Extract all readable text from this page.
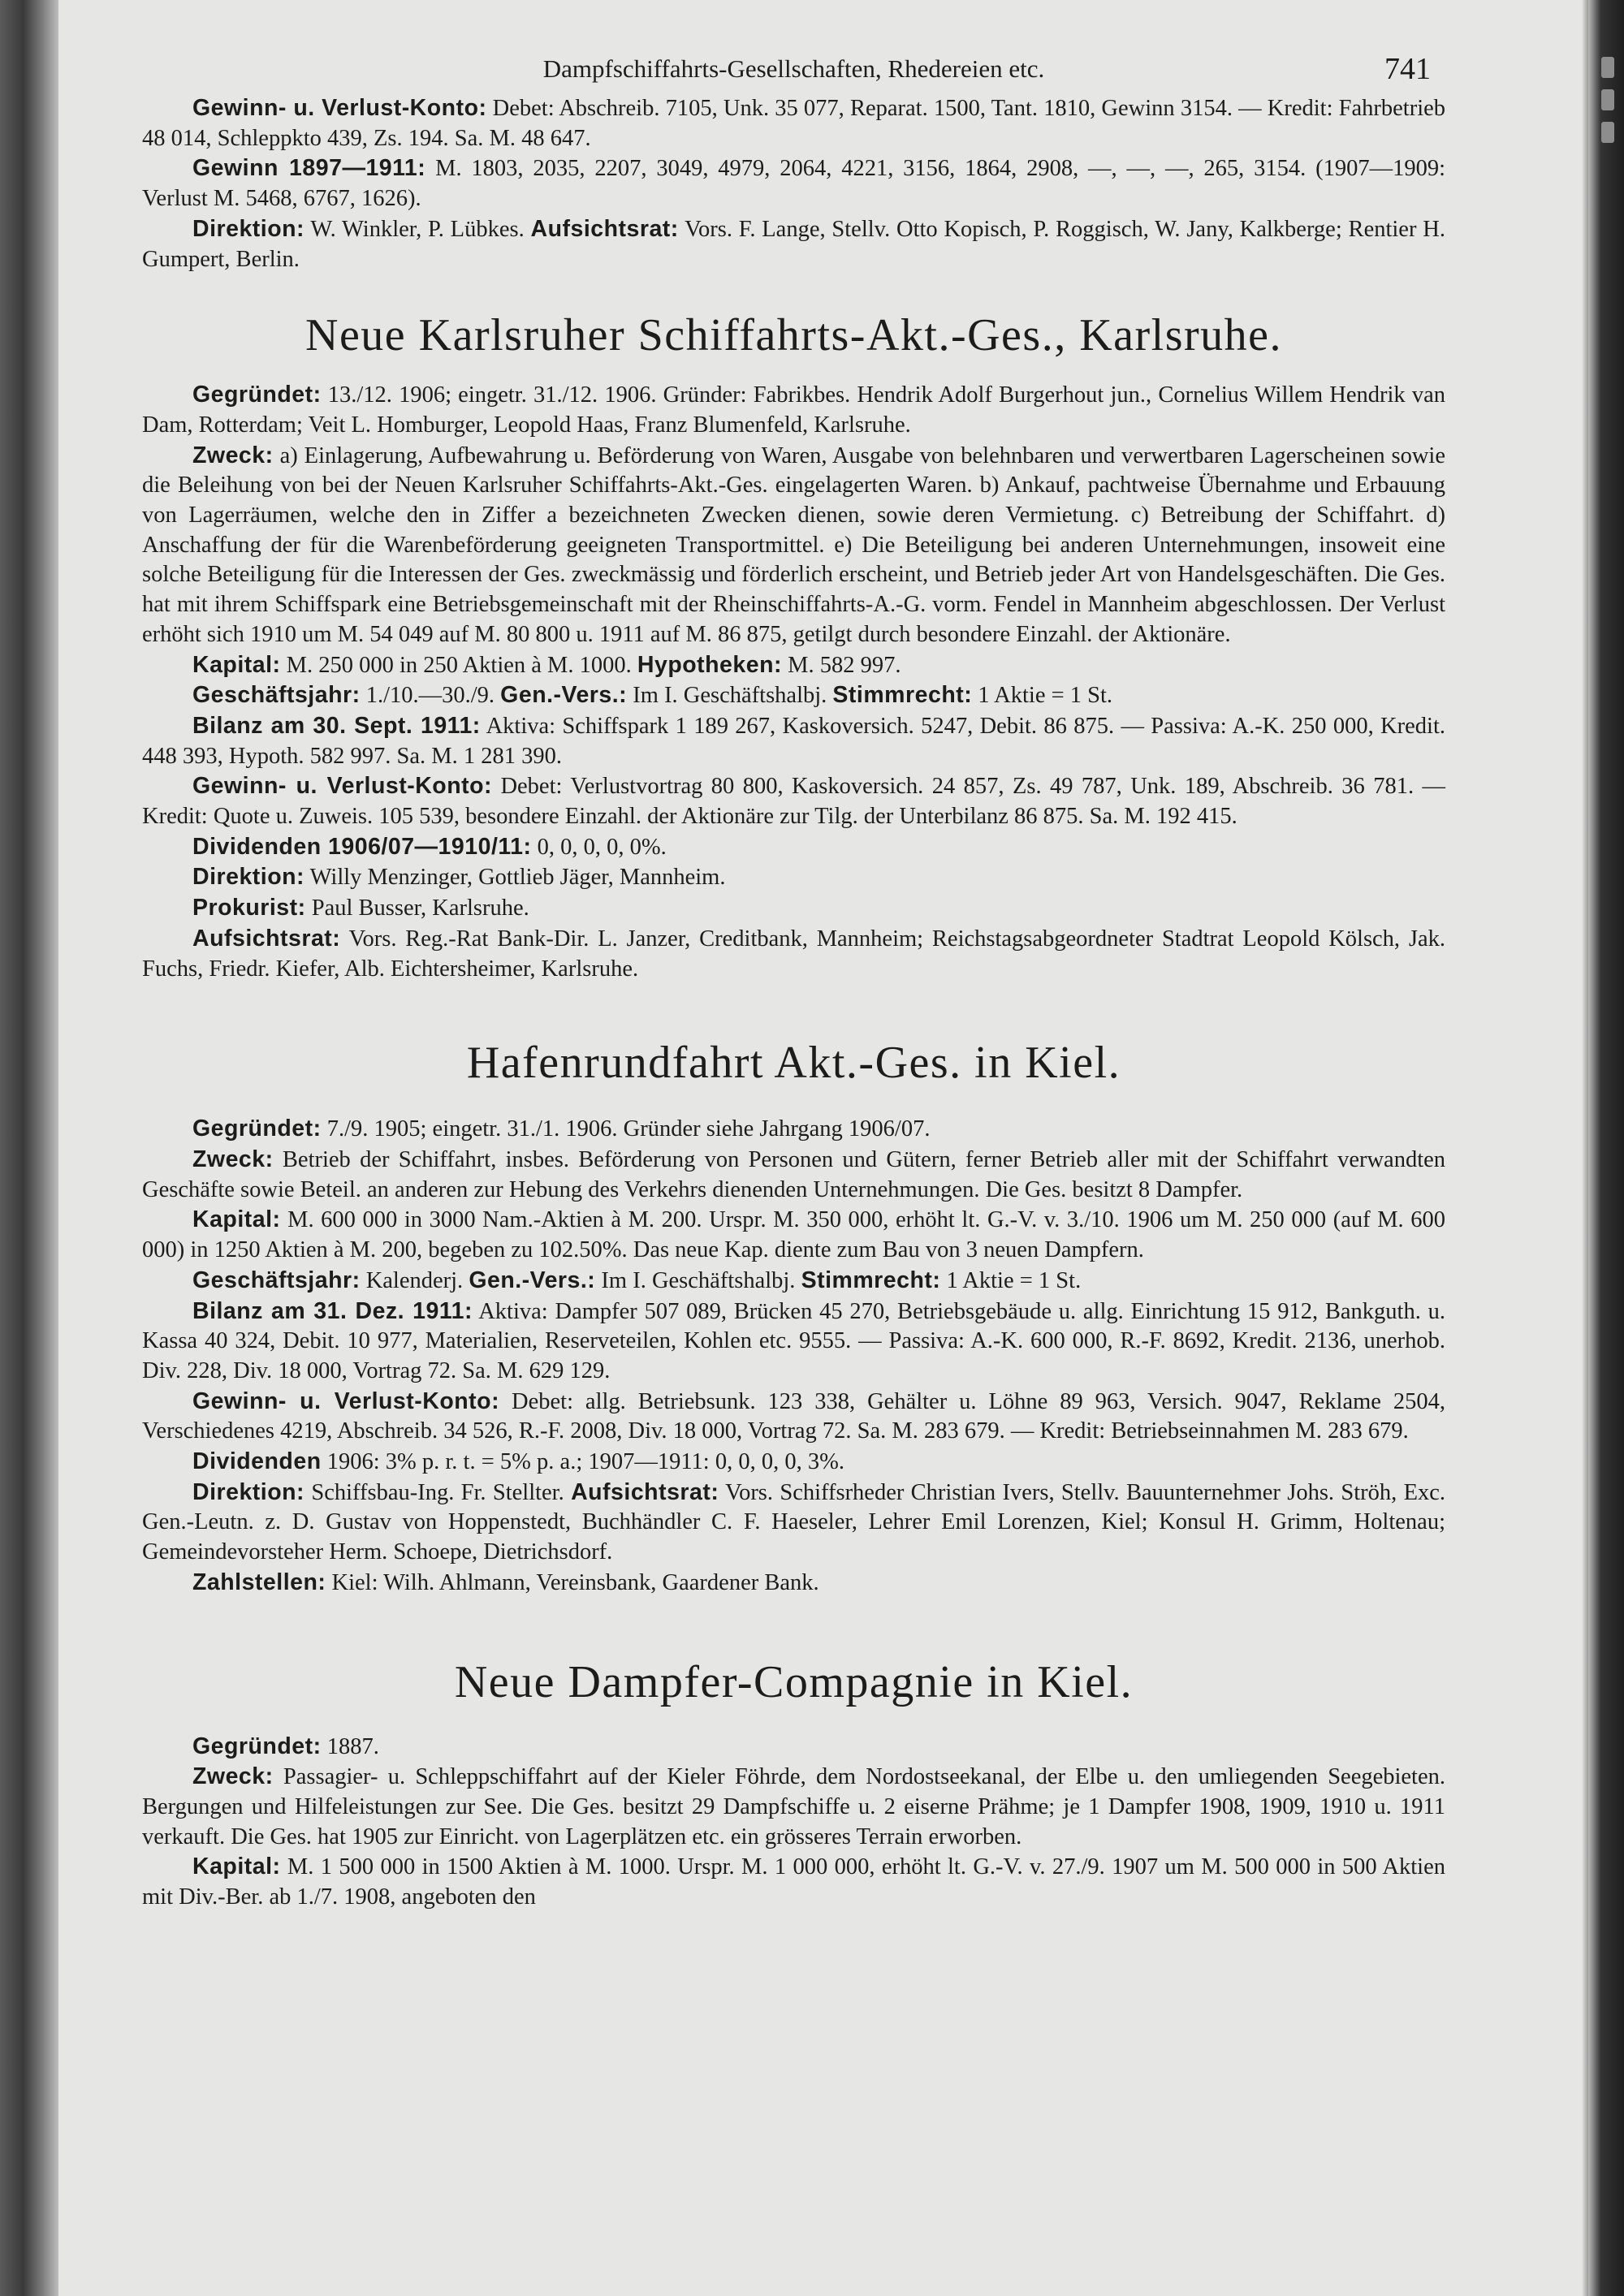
Dampfschiffahrts-Gesellschaften, Rhedereien etc.	741

Gewinn- u. Verlust-Konto: Debet: Abschreib. 7105, Unk. 35 077, Reparat. 1500, Tant. 1810, Gewinn 3154. — Kredit: Fahrbetrieb 48 014, Schleppkto 439, Zs. 194. Sa. M. 48 647.

Gewinn 1897—1911: M. 1803, 2035, 2207, 3049, 4979, 2064, 4221, 3156, 1864, 2908, —, —, —, 265, 3154. (1907—1909: Verlust M. 5468, 6767, 1626).

Direktion: W. Winkler, P. Lübkes. Aufsichtsrat: Vors. F. Lange, Stellv. Otto Kopisch, P. Roggisch, W. Jany, Kalkberge; Rentier H. Gumpert, Berlin.

Neue Karlsruher Schiffahrts-Akt.-Ges., Karlsruhe.

Gegründet: 13./12. 1906; eingetr. 31./12. 1906. Gründer: Fabrikbes. Hendrik Adolf Burgerhout jun., Cornelius Willem Hendrik van Dam, Rotterdam; Veit L. Homburger, Leopold Haas, Franz Blumenfeld, Karlsruhe.

Zweck: a) Einlagerung, Aufbewahrung u. Beförderung von Waren, Ausgabe von belehnbaren und verwertbaren Lagerscheinen sowie die Beleihung von bei der Neuen Karlsruher Schiffahrts-Akt.-Ges. eingelagerten Waren. b) Ankauf, pachtweise Übernahme und Erbauung von Lagerräumen, welche den in Ziffer a bezeichneten Zwecken dienen, sowie deren Vermietung. c) Betreibung der Schiffahrt. d) Anschaffung der für die Warenbeförderung geeigneten Transportmittel. e) Die Beteiligung bei anderen Unternehmungen, insoweit eine solche Beteiligung für die Interessen der Ges. zweckmässig und förderlich erscheint, und Betrieb jeder Art von Handelsgeschäften. Die Ges. hat mit ihrem Schiffspark eine Betriebsgemeinschaft mit der Rheinschiffahrts-A.-G. vorm. Fendel in Mannheim abgeschlossen. Der Verlust erhöht sich 1910 um M. 54 049 auf M. 80 800 u. 1911 auf M. 86 875, getilgt durch besondere Einzahl. der Aktionäre.

Kapital: M. 250 000 in 250 Aktien à M. 1000. Hypotheken: M. 582 997.

Geschäftsjahr: 1./10.—30./9. Gen.-Vers.: Im I. Geschäftshalbj. Stimmrecht: 1 Aktie = 1 St.

Bilanz am 30. Sept. 1911: Aktiva: Schiffspark 1 189 267, Kaskoversich. 5247, Debit. 86 875. — Passiva: A.-K. 250 000, Kredit. 448 393, Hypoth. 582 997. Sa. M. 1 281 390.

Gewinn- u. Verlust-Konto: Debet: Verlustvortrag 80 800, Kaskoversich. 24 857, Zs. 49 787, Unk. 189, Abschreib. 36 781. — Kredit: Quote u. Zuweis. 105 539, besondere Einzahl. der Aktionäre zur Tilg. der Unterbilanz 86 875. Sa. M. 192 415.

Dividenden 1906/07—1910/11: 0, 0, 0, 0, 0%.

Direktion: Willy Menzinger, Gottlieb Jäger, Mannheim.

Prokurist: Paul Busser, Karlsruhe.

Aufsichtsrat: Vors. Reg.-Rat Bank-Dir. L. Janzer, Creditbank, Mannheim; Reichstagsabgeordneter Stadtrat Leopold Kölsch, Jak. Fuchs, Friedr. Kiefer, Alb. Eichtersheimer, Karlsruhe.

Hafenrundfahrt Akt.-Ges. in Kiel.

Gegründet: 7./9. 1905; eingetr. 31./1. 1906. Gründer siehe Jahrgang 1906/07.

Zweck: Betrieb der Schiffahrt, insbes. Beförderung von Personen und Gütern, ferner Betrieb aller mit der Schiffahrt verwandten Geschäfte sowie Beteil. an anderen zur Hebung des Verkehrs dienenden Unternehmungen. Die Ges. besitzt 8 Dampfer.

Kapital: M. 600 000 in 3000 Nam.-Aktien à M. 200. Urspr. M. 350 000, erhöht lt. G.-V. v. 3./10. 1906 um M. 250 000 (auf M. 600 000) in 1250 Aktien à M. 200, begeben zu 102.50%. Das neue Kap. diente zum Bau von 3 neuen Dampfern.

Geschäftsjahr: Kalenderj. Gen.-Vers.: Im I. Geschäftshalbj. Stimmrecht: 1 Aktie = 1 St.

Bilanz am 31. Dez. 1911: Aktiva: Dampfer 507 089, Brücken 45 270, Betriebsgebäude u. allg. Einrichtung 15 912, Bankguth. u. Kassa 40 324, Debit. 10 977, Materialien, Reserveteilen, Kohlen etc. 9555. — Passiva: A.-K. 600 000, R.-F. 8692, Kredit. 2136, unerhob. Div. 228, Div. 18 000, Vortrag 72. Sa. M. 629 129.

Gewinn- u. Verlust-Konto: Debet: allg. Betriebsunk. 123 338, Gehälter u. Löhne 89 963, Versich. 9047, Reklame 2504, Verschiedenes 4219, Abschreib. 34 526, R.-F. 2008, Div. 18 000, Vortrag 72. Sa. M. 283 679. — Kredit: Betriebseinnahmen M. 283 679.

Dividenden 1906: 3% p. r. t. = 5% p. a.; 1907—1911: 0, 0, 0, 0, 3%.

Direktion: Schiffsbau-Ing. Fr. Stellter. Aufsichtsrat: Vors. Schiffsrheder Christian Ivers, Stellv. Bauunternehmer Johs. Ströh, Exc. Gen.-Leutn. z. D. Gustav von Hoppenstedt, Buchhändler C. F. Haeseler, Lehrer Emil Lorenzen, Kiel; Konsul H. Grimm, Holtenau; Gemeindevorsteher Herm. Schoepe, Dietrichsdorf.

Zahlstellen: Kiel: Wilh. Ahlmann, Vereinsbank, Gaardener Bank.

Neue Dampfer-Compagnie in Kiel.

Gegründet: 1887.

Zweck: Passagier- u. Schleppschiffahrt auf der Kieler Föhrde, dem Nordostseekanal, der Elbe u. den umliegenden Seegebieten. Bergungen und Hilfeleistungen zur See. Die Ges. besitzt 29 Dampfschiffe u. 2 eiserne Prähme; je 1 Dampfer 1908, 1909, 1910 u. 1911 verkauft. Die Ges. hat 1905 zur Einricht. von Lagerplätzen etc. ein grösseres Terrain erworben.

Kapital: M. 1 500 000 in 1500 Aktien à M. 1000. Urspr. M. 1 000 000, erhöht lt. G.-V. v. 27./9. 1907 um M. 500 000 in 500 Aktien mit Div.-Ber. ab 1./7. 1908, angeboten den
